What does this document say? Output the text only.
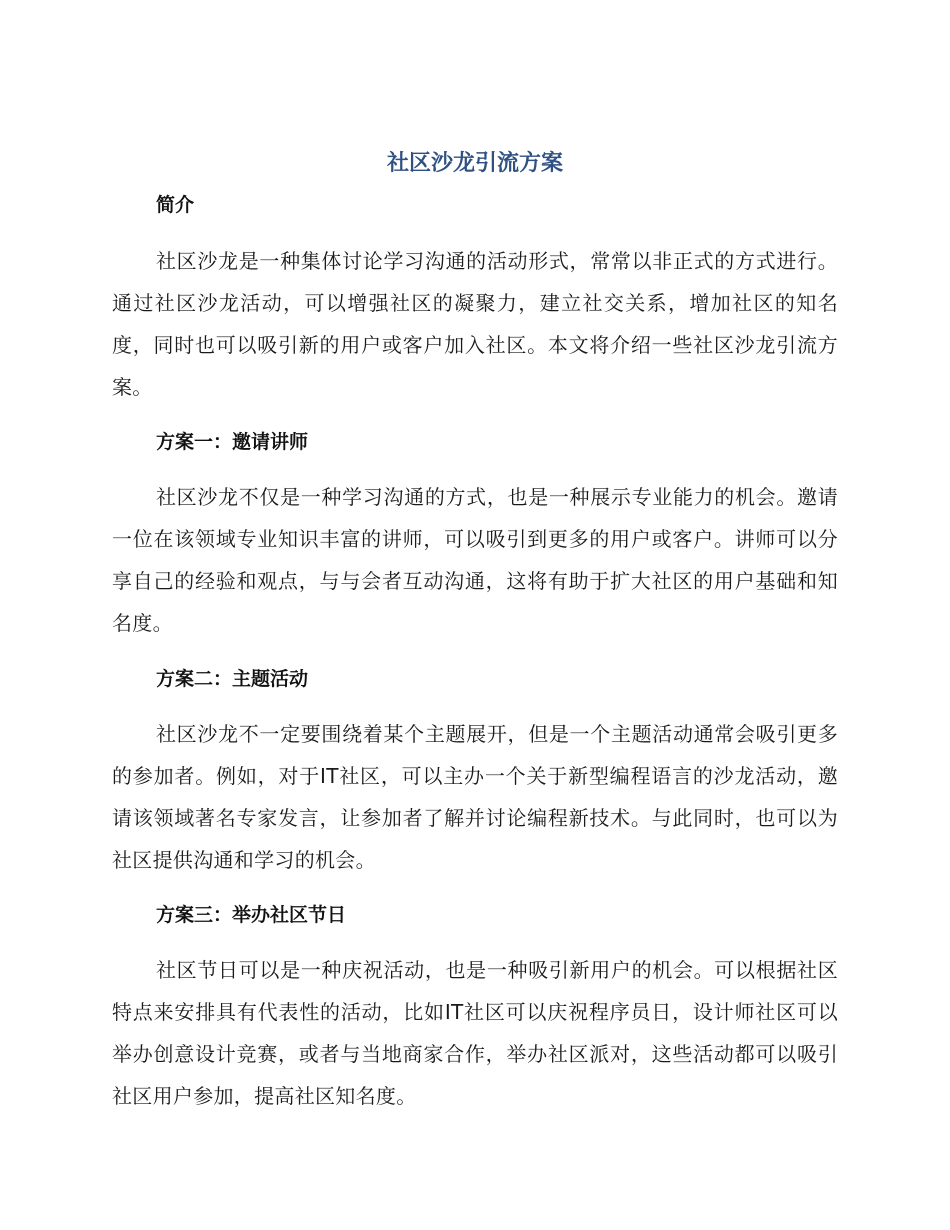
社区沙龙引流方案
简介

社区沙龙是一种集体讨论学习沟通的活动形式，常常以非正式的方式进行。通过社区沙龙活动，可以增强社区的凝聚力，建立社交关系，增加社区的知名度，同时也可以吸引新的用户或客户加入社区。本文将介绍一些社区沙龙引流方案。

方案一：邀请讲师

社区沙龙不仅是一种学习沟通的方式，也是一种展示专业能力的机会。邀请一位在该领域专业知识丰富的讲师，可以吸引到更多的用户或客户。讲师可以分享自己的经验和观点，与与会者互动沟通，这将有助于扩大社区的用户基础和知名度。

方案二：主题活动

社区沙龙不一定要围绕着某个主题展开，但是一个主题活动通常会吸引更多的参加者。例如，对于IT社区，可以主办一个关于新型编程语言的沙龙活动，邀请该领域著名专家发言，让参加者了解并讨论编程新技术。与此同时，也可以为社区提供沟通和学习的机会。

方案三：举办社区节日

社区节日可以是一种庆祝活动，也是一种吸引新用户的机会。可以根据社区特点来安排具有代表性的活动，比如IT社区可以庆祝程序员日，设计师社区可以举办创意设计竞赛，或者与当地商家合作，举办社区派对，这些活动都可以吸引社区用户参加，提高社区知名度。
